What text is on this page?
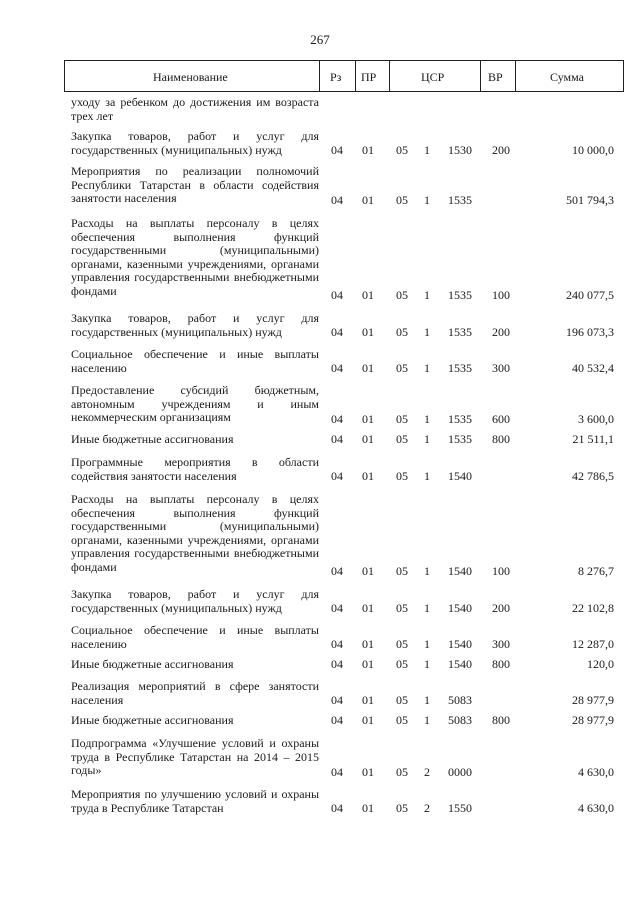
267
Наименование	Рз ПР	ЦСР	ВР	Сумма
уходу за ребенком до достижения им возраста трех лет
Закупка товаров, работ и услуг для государственных (муниципальных) нужд	04 01 05 1 1530 200	10 000,0
Мероприятия по реализации полномочий Республики Татарстан в области содействия занятости населения	04 01 05 1 1535	501 794,3
Расходы на выплаты персоналу в целях обеспечения выполнения функций государственными (муниципальными) органами, казенными учреждениями, органами управления государственными внебюджетными фондами	04 01 05 1 1535 100	240 077,5
Закупка товаров, работ и услуг для государственных (муниципальных) нужд	04 01 05 1 1535 200	196 073,3
Социальное обеспечение и иные выплаты населению	04 01 05 1 1535 300	40 532,4
Предоставление субсидий бюджетным, автономным учреждениям и иным некоммерческим организациям	04 01 05 1 1535 600	3 600,0
Иные бюджетные ассигнования	04 01 05 1 1535 800	21 511,1
Программные мероприятия в области содействия занятости населения	04 01 05 1 1540	42 786,5
Расходы на выплаты персоналу в целях обеспечения выполнения функций государственными (муниципальными) органами, казенными учреждениями, органами управления государственными внебюджетными фондами	04 01 05 1 1540 100	8 276,7
Закупка товаров, работ и услуг для государственных (муниципальных) нужд	04 01 05 1 1540 200	22 102,8
Социальное обеспечение и иные выплаты населению	04 01 05 1 1540 300	12 287,0
Иные бюджетные ассигнования	04 01 05 1 1540 800	120,0
Реализация мероприятий в сфере занятости населения	04 01 05 1 5083	28 977,9
Иные бюджетные ассигнования	04 01 05 1 5083 800	28 977,9
Подпрограмма «Улучшение условий и охраны труда в Республике Татарстан на 2014 – 2015 годы»	04 01 05 2 0000	4 630,0
Мероприятия по улучшению условий и охраны труда в Республике Татарстан	04 01 05 2 1550	4 630,0
